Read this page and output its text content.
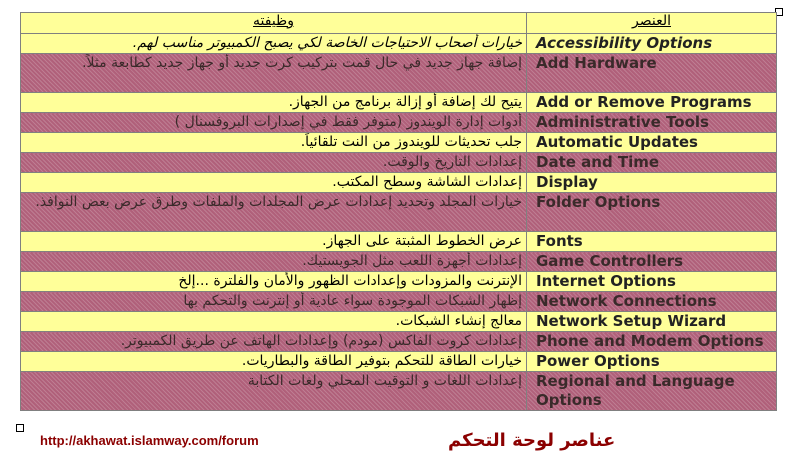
وظيفته	العنصر
خيارات أصحاب الاحتياجات الخاصة لكي يصبح الكمبيوتر مناسب لهم.	Accessibility Options
إضافة جهاز جديد في حال قمت بتركيب كرت جديد أو جهاز جديد كطابعة مثلاً.	Add Hardware
يتيح لك إضافة أو إزالة برنامج من الجهاز.	Add or Remove Programs
أدوات إدارة الويندوز (متوفر فقط في إصدارات البروفسنال )	Administrative Tools
جلب تحديثات للويندوز من النت تلقائياً.	Automatic Updates
إعدادات التاريخ والوقت.	Date and Time
إعدادات الشاشة وسطح المكتب.	Display
خيارات المجلد وتحديد إعدادات عرض المجلدات والملفات وطرق عرض بعض النوافذ.	Folder Options
عرض الخطوط المثبتة على الجهاز.	Fonts
إعدادات أجهزة اللعب مثل الجويستيك.	Game Controllers
الإنترنت والمزودات وإعدادات الظهور والأمان والفلترة ...إلخ	Internet Options
إظهار الشبكات الموجودة سواء عادية أو إنترنت والتحكم بها	Network Connections
معالج إنشاء الشبكات.	Network Setup Wizard
إعدادات كروت الفاكس (مودم) وإعدادات الهاتف عن طريق الكمبيوتر.	Phone and Modem Options
خيارات الطاقة للتحكم بتوفير الطاقة والبطاريات.	Power Options
إعدادات اللغات و التوقيت المحلي ولغات الكتابة	Regional and Language Options
http://akhawat.islamway.com/forum	عناصر لوحة التحكم
